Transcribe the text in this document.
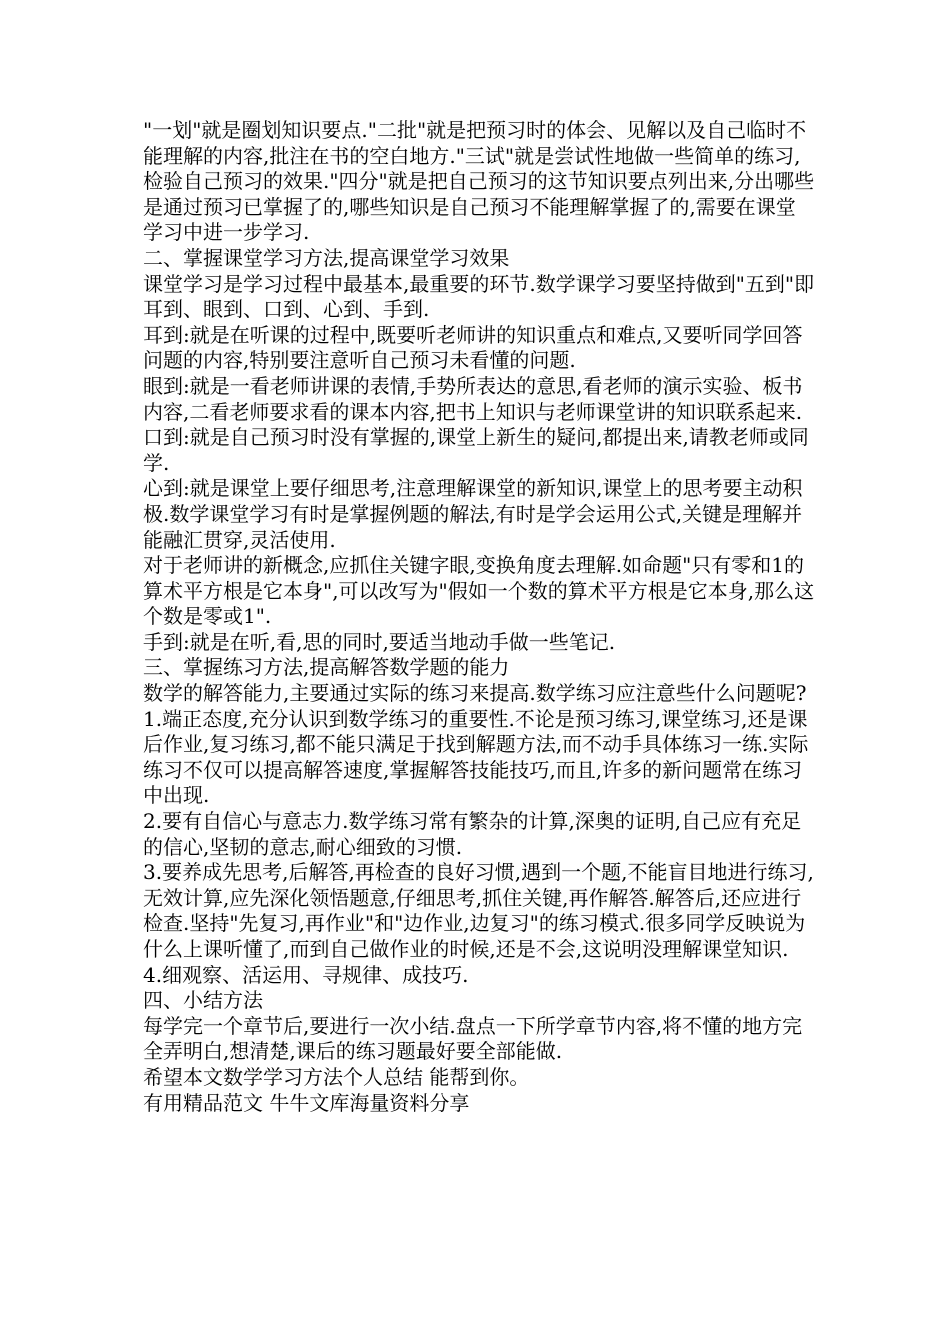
"一划"就是圈划知识要点."二批"就是把预习时的体会、见解以及自己临时不能理解的内容,批注在书的空白地方."三试"就是尝试性地做一些简单的练习,检验自己预习的效果."四分"就是把自己预习的这节知识要点列出来,分出哪些是通过预习已掌握了的,哪些知识是自己预习不能理解掌握了的,需要在课堂学习中进一步学习.

二、掌握课堂学习方法,提高课堂学习效果

课堂学习是学习过程中最基本,最重要的环节.数学课学习要坚持做到"五到"即耳到、眼到、口到、心到、手到.

耳到:就是在听课的过程中,既要听老师讲的知识重点和难点,又要听同学回答问题的内容,特别要注意听自己预习未看懂的问题.

眼到:就是一看老师讲课的表情,手势所表达的意思,看老师的演示实验、板书内容,二看老师要求看的课本内容,把书上知识与老师课堂讲的知识联系起来.

口到:就是自己预习时没有掌握的,课堂上新生的疑问,都提出来,请教老师或同学.

心到:就是课堂上要仔细思考,注意理解课堂的新知识,课堂上的思考要主动积极.数学课堂学习有时是掌握例题的解法,有时是学会运用公式,关键是理解并能融汇贯穿,灵活使用.

对于老师讲的新概念,应抓住关键字眼,变换角度去理解.如命题"只有零和1的算术平方根是它本身",可以改写为"假如一个数的算术平方根是它本身,那么这个数是零或1".

手到:就是在听,看,思的同时,要适当地动手做一些笔记.

三、掌握练习方法,提高解答数学题的能力

数学的解答能力,主要通过实际的练习来提高.数学练习应注意些什么问题呢?

1.端正态度,充分认识到数学练习的重要性.不论是预习练习,课堂练习,还是课后作业,复习练习,都不能只满足于找到解题方法,而不动手具体练习一练.实际练习不仅可以提高解答速度,掌握解答技能技巧,而且,许多的新问题常在练习中出现.

2.要有自信心与意志力.数学练习常有繁杂的计算,深奥的证明,自己应有充足的信心,坚韧的意志,耐心细致的习惯.

3.要养成先思考,后解答,再检查的良好习惯,遇到一个题,不能盲目地进行练习,无效计算,应先深化领悟题意,仔细思考,抓住关键,再作解答.解答后,还应进行检查.坚持"先复习,再作业"和"边作业,边复习"的练习模式.很多同学反映说为什么上课听懂了,而到自己做作业的时候,还是不会,这说明没理解课堂知识.

4.细观察、活运用、寻规律、成技巧.

四、小结方法

每学完一个章节后,要进行一次小结.盘点一下所学章节内容,将不懂的地方完全弄明白,想清楚,课后的练习题最好要全部能做.

希望本文数学学习方法个人总结 能帮到你。

有用精品范文 牛牛文库海量资料分享
